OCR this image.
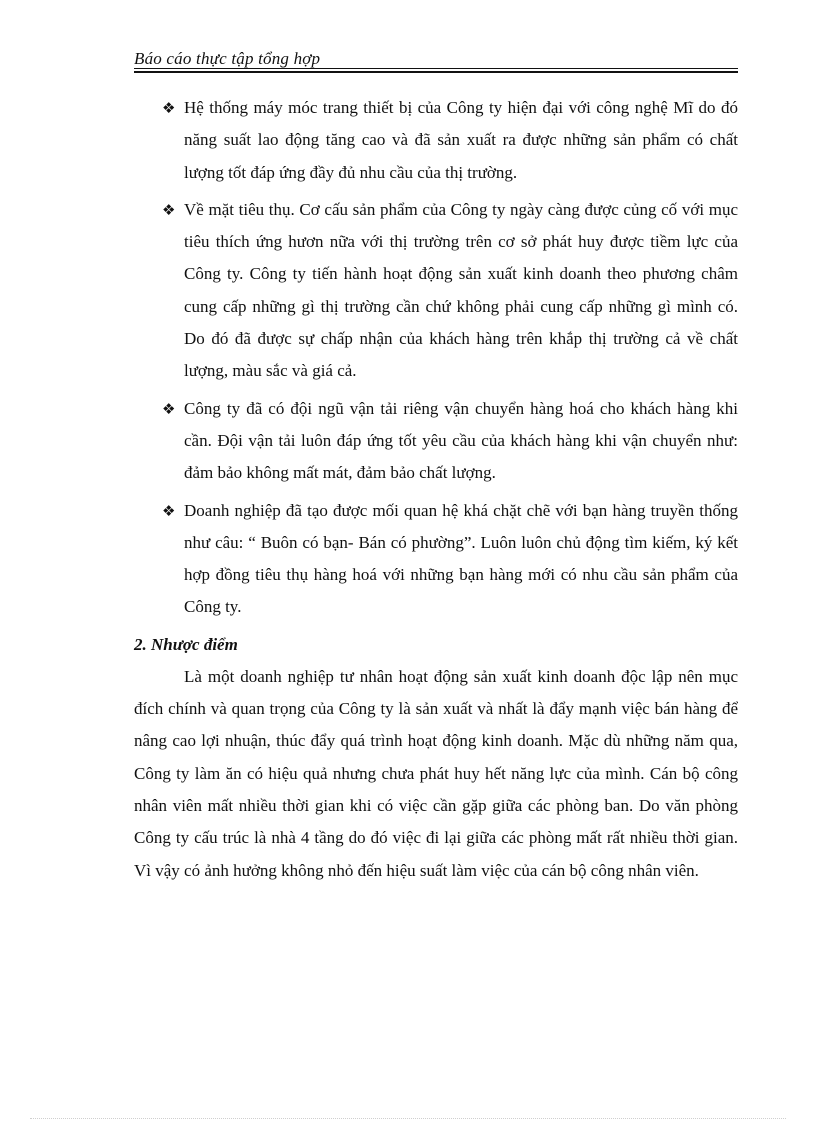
Báo cáo thực tập tổng hợp
❖ Hệ thống máy móc trang thiết bị của Công ty hiện đại với công nghệ Mĩ do đó năng suất lao động tăng cao và đã sản xuất ra được những sản phẩm có chất lượng tốt đáp ứng đầy đủ nhu cầu của thị trường.
❖ Về mặt tiêu thụ. Cơ cấu sản phẩm của Công ty ngày càng được củng cố với mục tiêu thích ứng hươn nữa với thị trường trên cơ sở phát huy được tiềm lực của Công ty. Công ty tiến hành hoạt động sản xuất kinh doanh theo phương châm cung cấp những gì thị trường cần chứ không phải cung cấp những gì mình có. Do đó đã được sự chấp nhận của khách hàng trên khắp thị trường cả về chất lượng, màu sắc và giá cả.
❖ Công ty đã có đội ngũ vận tải riêng vận chuyển hàng hoá cho khách hàng khi cần. Đội vận tải luôn đáp ứng tốt yêu cầu của khách hàng khi vận chuyển như: đảm bảo không mất mát, đảm bảo chất lượng.
❖ Doanh nghiệp đã tạo được mối quan hệ khá chặt chẽ với bạn hàng truyền thống như câu: “ Buôn có bạn- Bán có phường”. Luôn luôn chủ động tìm kiếm, ký kết hợp đồng tiêu thụ hàng hoá với những bạn hàng mới có nhu cầu sản phẩm của Công ty.
2. Nhược điểm

Là một doanh nghiệp tư nhân hoạt động sản xuất kinh doanh độc lập nên mục đích chính và quan trọng của Công ty là sản xuất và nhất là đẩy mạnh việc bán hàng để nâng cao lợi nhuận, thúc đẩy quá trình hoạt động kinh doanh. Mặc dù những năm qua, Công ty làm ăn có hiệu quả nhưng chưa phát huy hết năng lực của mình. Cán bộ công nhân viên mất nhiều thời gian khi có việc cần gặp giữa các phòng ban. Do văn phòng Công ty cấu trúc là nhà 4 tầng do đó việc đi lại giữa các phòng mất rất nhiều thời gian. Vì vậy có ảnh hưởng không nhỏ đến hiệu suất làm việc của cán bộ công nhân viên.
